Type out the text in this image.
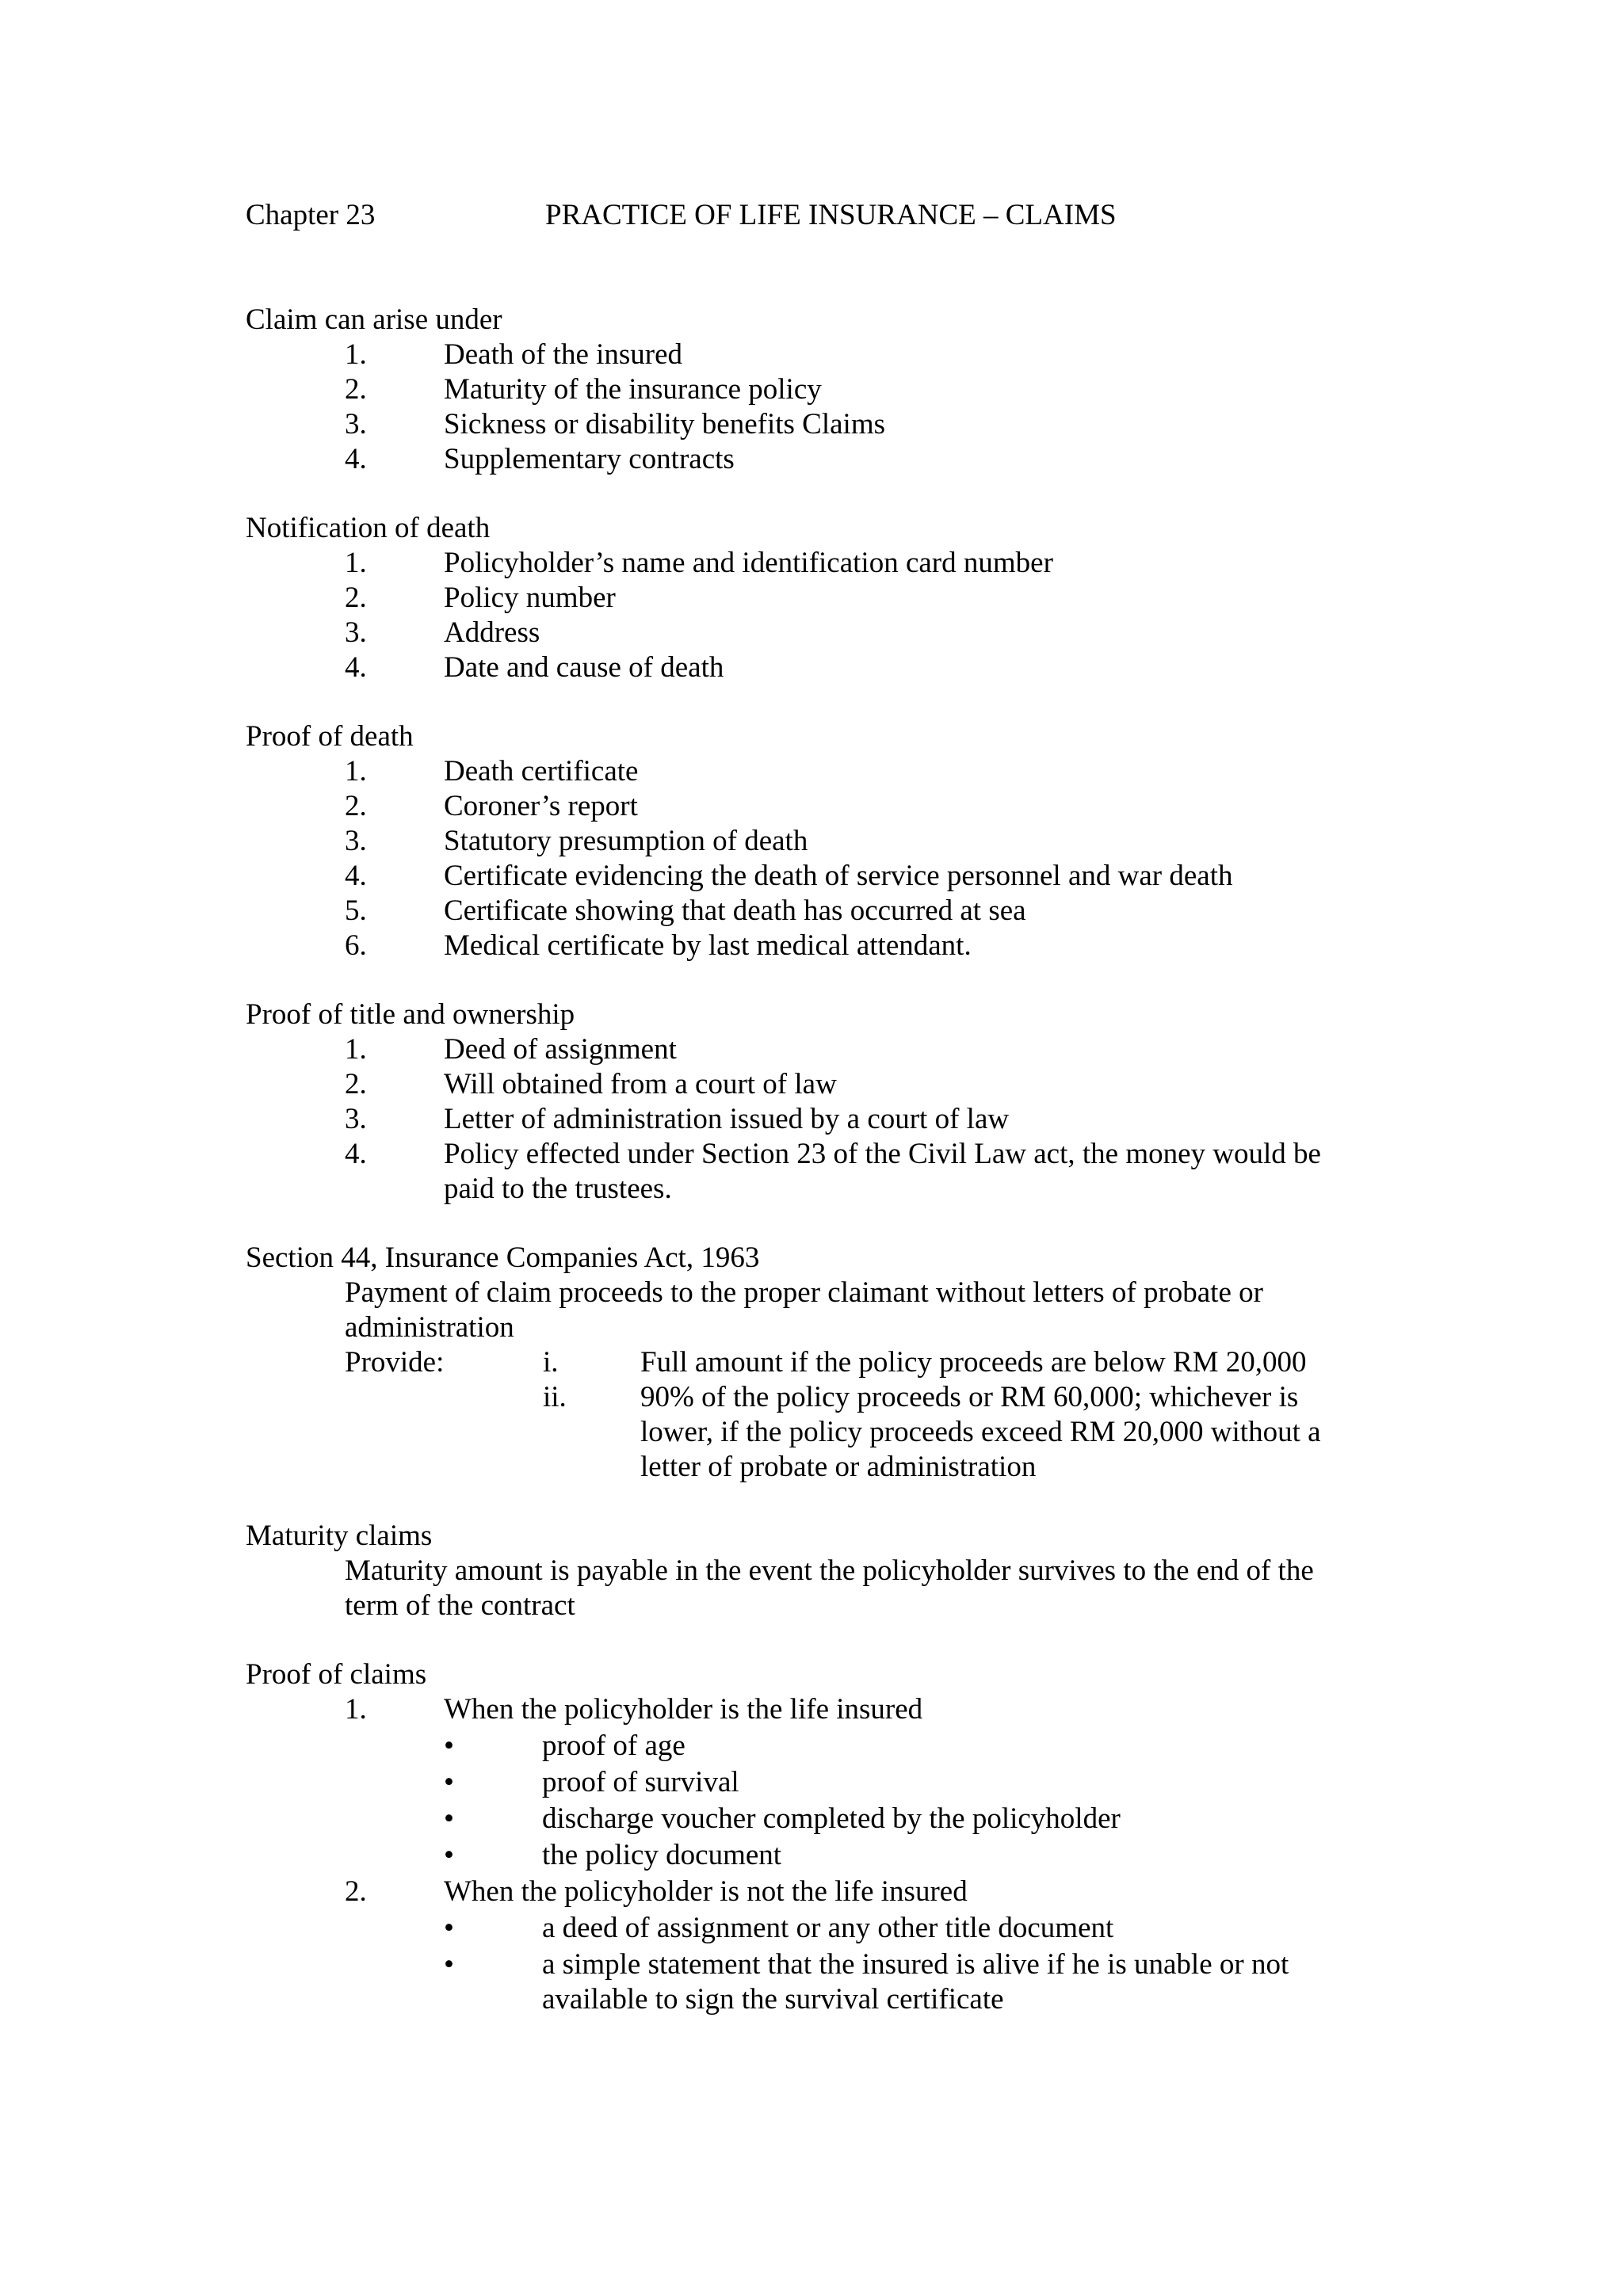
Chapter 23	PRACTICE OF LIFE INSURANCE – CLAIMS
Claim can arise under
1.	Death of the insured
2.	Maturity of the insurance policy
3.	Sickness or disability benefits Claims
4.	Supplementary contracts
Notification of death
1.	Policyholder’s name and identification card number
2.	Policy number
3.	Address
4.	Date and cause of death
Proof of death
1.	Death certificate
2.	Coroner’s report
3.	Statutory presumption of death
4.	Certificate evidencing the death of service personnel and war death
5.	Certificate showing that death has occurred at sea
6.	Medical certificate by last medical attendant.
Proof of title and ownership
1.	Deed of assignment
2.	Will obtained from a court of law
3.	Letter of administration issued by a court of law
4.	Policy effected under Section 23 of the Civil Law act, the money would be
paid to the trustees.
Section 44, Insurance Companies Act, 1963
Payment of claim proceeds to the proper claimant without letters of probate or
administration
Provide:	i.	Full amount if the policy proceeds are below RM 20,000
ii.	90% of the policy proceeds or RM 60,000; whichever is
lower, if the policy proceeds exceed RM 20,000 without a
letter of probate or administration
Maturity claims
Maturity amount is payable in the event the policyholder survives to the end of the
term of the contract
Proof of claims
1.	When the policyholder is the life insured
•	proof of age
•	proof of survival
•	discharge voucher completed by the policyholder
•	the policy document
2.	When the policyholder is not the life insured
•	a deed of assignment or any other title document
•	a simple statement that the insured is alive if he is unable or not
available to sign the survival certificate
